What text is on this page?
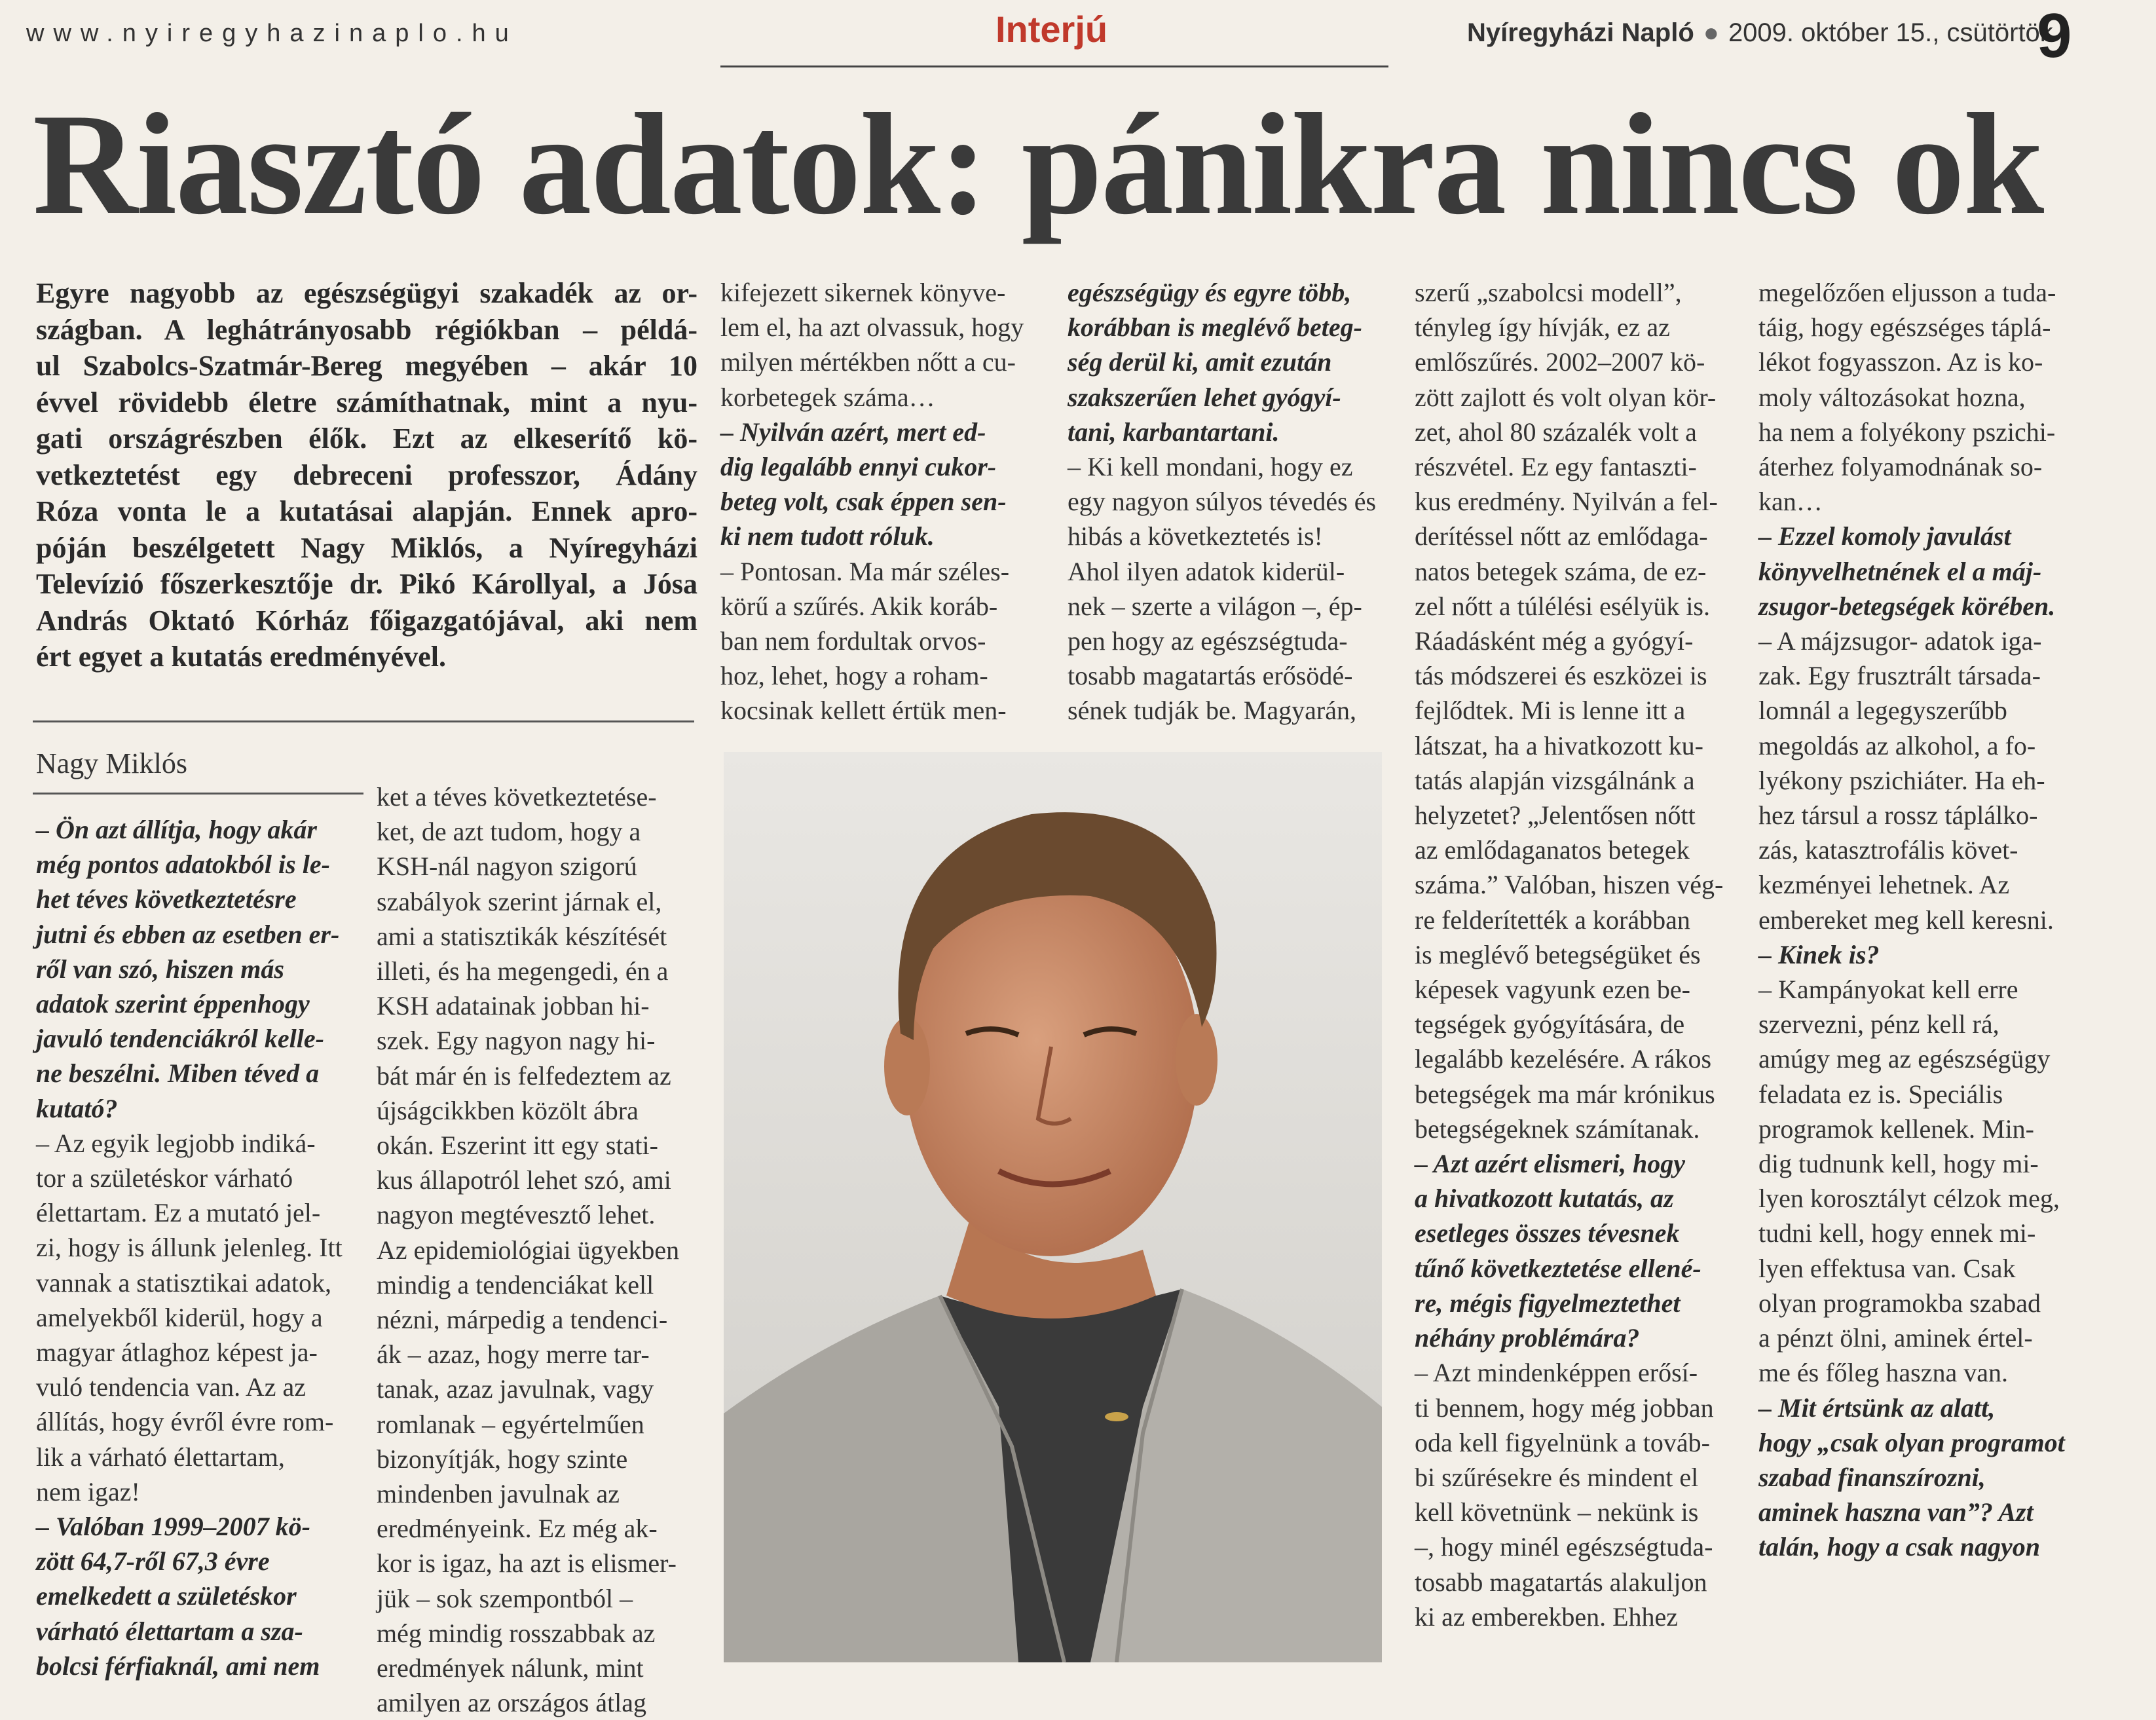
www.nyiregyhazinaplo.hu	Interjú	Nyíregyházi Napló ● 2009. október 15., csütörtök
9
Riasztó adatok: pánikra nincs ok
Egyre nagyobb az egészségügyi szakadék az or-
szágban. A leghátrányosabb régiókban – példá-
ul Szabolcs-Szatmár-Bereg megyében – akár 10
évvel rövidebb életre számíthatnak, mint a nyu-
gati országrészben élők. Ezt az elkeserítő kö-
vetkeztetést egy debreceni professzor, Ádány
Róza vonta le a kutatásai alapján. Ennek apro-
póján beszélgetett Nagy Miklós, a Nyíregyházi
Televízió főszerkesztője dr. Pikó Károllyal, a Jósa
András Oktató Kórház főigazgatójával, aki nem
ért egyet a kutatás eredményével.
Nagy Miklós
– Ön azt állítja, hogy akár
még pontos adatokból is le-
het téves következtetésre
jutni és ebben az esetben er-
ről van szó, hiszen más
adatok szerint éppenhogy
javuló tendenciákról kelle-
ne beszélni. Miben téved a
kutató?
– Az egyik legjobb indiká-
tor a születéskor várható
élettartam. Ez a mutató jel-
zi, hogy is állunk jelenleg. Itt
vannak a statisztikai adatok,
amelyekből kiderül, hogy a
magyar átlaghoz képest ja-
vuló tendencia van. Az az
állítás, hogy évről évre rom-
lik a várható élettartam,
nem igaz!
– Valóban 1999–2007 kö-
zött 64,7-ről 67,3 évre
emelkedett a születéskor
várható élettartam a sza-
bolcsi férfiaknál, ami nem
ket a téves következtetése-
ket, de azt tudom, hogy a
KSH-nál nagyon szigorú
szabályok szerint járnak el,
ami a statisztikák készítését
illeti, és ha megengedi, én a
KSH adatainak jobban hi-
szek. Egy nagyon nagy hi-
bát már én is felfedeztem az
újságcikkben közölt ábra
okán. Eszerint itt egy stati-
kus állapotról lehet szó, ami
nagyon megtévesztő lehet.
Az epidemiológiai ügyekben
mindig a tendenciákat kell
nézni, márpedig a tendenci-
ák – azaz, hogy merre tar-
tanak, azaz javulnak, vagy
romlanak – egyértelműen
bizonyítják, hogy szinte
mindenben javulnak az
eredményeink. Ez még ak-
kor is igaz, ha azt is elismer-
jük – sok szempontból –
még mindig rosszabbak az
eredmények nálunk, mint
amilyen az országos átlag
kifejezett sikernek könyve-
lem el, ha azt olvassuk, hogy
milyen mértékben nőtt a cu-
korbetegek száma…
– Nyilván azért, mert ed-
dig legalább ennyi cukor-
beteg volt, csak éppen sen-
ki nem tudott róluk.
– Pontosan. Ma már széles-
körű a szűrés. Akik koráb-
ban nem fordultak orvos-
hoz, lehet, hogy a roham-
kocsinak kellett értük men-
egészségügy és egyre több,
korábban is meglévő beteg-
ség derül ki, amit ezután
szakszerűen lehet gyógyí-
tani, karbantartani.
– Ki kell mondani, hogy ez
egy nagyon súlyos tévedés és
hibás a következtetés is!
Ahol ilyen adatok kiderül-
nek – szerte a világon –, ép-
pen hogy az egészségtuda-
tosabb magatartás erősödé-
sének tudják be. Magyarán,
szerű „szabolcsi modell”,
tényleg így hívják, ez az
emlőszűrés. 2002–2007 kö-
zött zajlott és volt olyan kör-
zet, ahol 80 százalék volt a
részvétel. Ez egy fantaszti-
kus eredmény. Nyilván a fel-
derítéssel nőtt az emlődaga-
natos betegek száma, de ez-
zel nőtt a túlélési esélyük is.
Ráadásként még a gyógyí-
tás módszerei és eszközei is
fejlődtek. Mi is lenne itt a
látszat, ha a hivatkozott ku-
tatás alapján vizsgálnánk a
helyzetet? „Jelentősen nőtt
az emlődaganatos betegek
száma.” Valóban, hiszen vég-
re felderítették a korábban
is meglévő betegségüket és
képesek vagyunk ezen be-
tegségek gyógyítására, de
legalább kezelésére. A rákos
betegségek ma már krónikus
betegségeknek számítanak.
– Azt azért elismeri, hogy
a hivatkozott kutatás, az
esetleges összes tévesnek
tűnő következtetése ellené-
re, mégis figyelmeztethet
néhány problémára?
– Azt mindenképpen erősí-
ti bennem, hogy még jobban
oda kell figyelnünk a továb-
bi szűrésekre és mindent el
kell követnünk – nekünk is
–, hogy minél egészségtuda-
tosabb magatartás alakuljon
ki az emberekben. Ehhez
megelőzően eljusson a tuda-
táig, hogy egészséges táplá-
lékot fogyasszon. Az is ko-
moly változásokat hozna,
ha nem a folyékony pszichi-
áterhez folyamodnának so-
kan…
– Ezzel komoly javulást
könyvelhetnének el a máj-
zsugor-betegségek körében.
– A májzsugor- adatok iga-
zak. Egy frusztrált társada-
lomnál a legegyszerűbb
megoldás az alkohol, a fo-
lyékony pszichiáter. Ha eh-
hez társul a rossz táplálko-
zás, katasztrofális követ-
kezményei lehetnek. Az
embereket meg kell keresni.
– Kinek is?
– Kampányokat kell erre
szervezni, pénz kell rá,
amúgy meg az egészségügy
feladata ez is. Speciális
programok kellenek. Min-
dig tudnunk kell, hogy mi-
lyen korosztályt célzok meg,
tudni kell, hogy ennek mi-
lyen effektusa van. Csak
olyan programokba szabad
a pénzt ölni, aminek értel-
me és főleg haszna van.
– Mit értsünk az alatt,
hogy „csak olyan programot
szabad finanszírozni,
aminek haszna van”? Azt
talán, hogy a csak nagyon
